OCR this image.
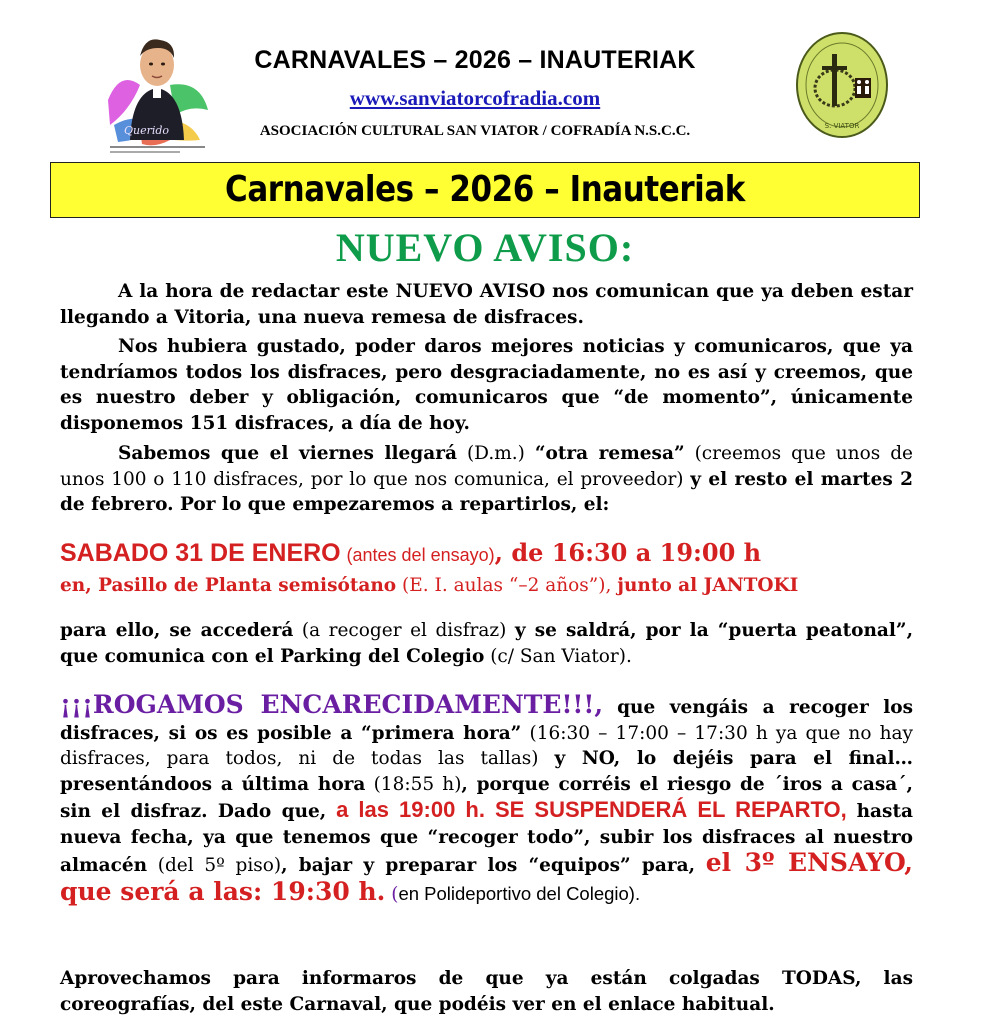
Querido
CARNAVALES – 2026 – INAUTERIAK
www.sanviatorcofradia.com
ASOCIACIÓN CULTURAL SAN VIATOR / COFRADÍA N.S.C.C.	S. VIATOR
Carnavales – 2026 – Inauteriak
NUEVO AVISO:
A la hora de redactar este NUEVO AVISO nos comunican que ya deben estar llegando a Vitoria, una nueva remesa de disfraces.
Nos hubiera gustado, poder daros mejores noticias y comunicaros, que ya tendríamos todos los disfraces, pero desgraciadamente, no es así y creemos, que es nuestro deber y obligación, comunicaros que “de momento”, únicamente disponemos 151 disfraces, a día de hoy.
Sabemos que el viernes llegará (D.m.) “otra remesa” (creemos que unos de unos 100 o 110 disfraces, por lo que nos comunica, el proveedor) y el resto el martes 2 de febrero. Por lo que empezaremos a repartirlos, el:
SABADO 31 DE ENERO (antes del ensayo), de 16:30 a 19:00 h
en, Pasillo de Planta semisótano (E. I. aulas “–2 años”), junto al JANTOKI
para ello, se accederá (a recoger el disfraz) y se saldrá, por la “puerta peatonal”, que comunica con el Parking del Colegio (c/ San Viator).
¡¡¡ROGAMOS ENCARECIDAMENTE!!!, que vengáis a recoger los disfraces, si os es posible a “primera hora” (16:30 – 17:00 – 17:30 h ya que no hay disfraces, para todos, ni de todas las tallas) y NO, lo dejéis para el final… presentándoos a última hora (18:55 h), porque corréis el riesgo de ´iros a casa´, sin el disfraz. Dado que, a las 19:00 h. SE SUSPENDERÁ EL REPARTO, hasta nueva fecha, ya que tenemos que “recoger todo”, subir los disfraces al nuestro almacén (del 5º piso), bajar y preparar los “equipos” para, el 3º ENSAYO, que será a las: 19:30 h. (en Polideportivo del Colegio).
Aprovechamos para informaros de que ya están colgadas TODAS, las coreografías, del este Carnaval, que podéis ver en el enlace habitual.
